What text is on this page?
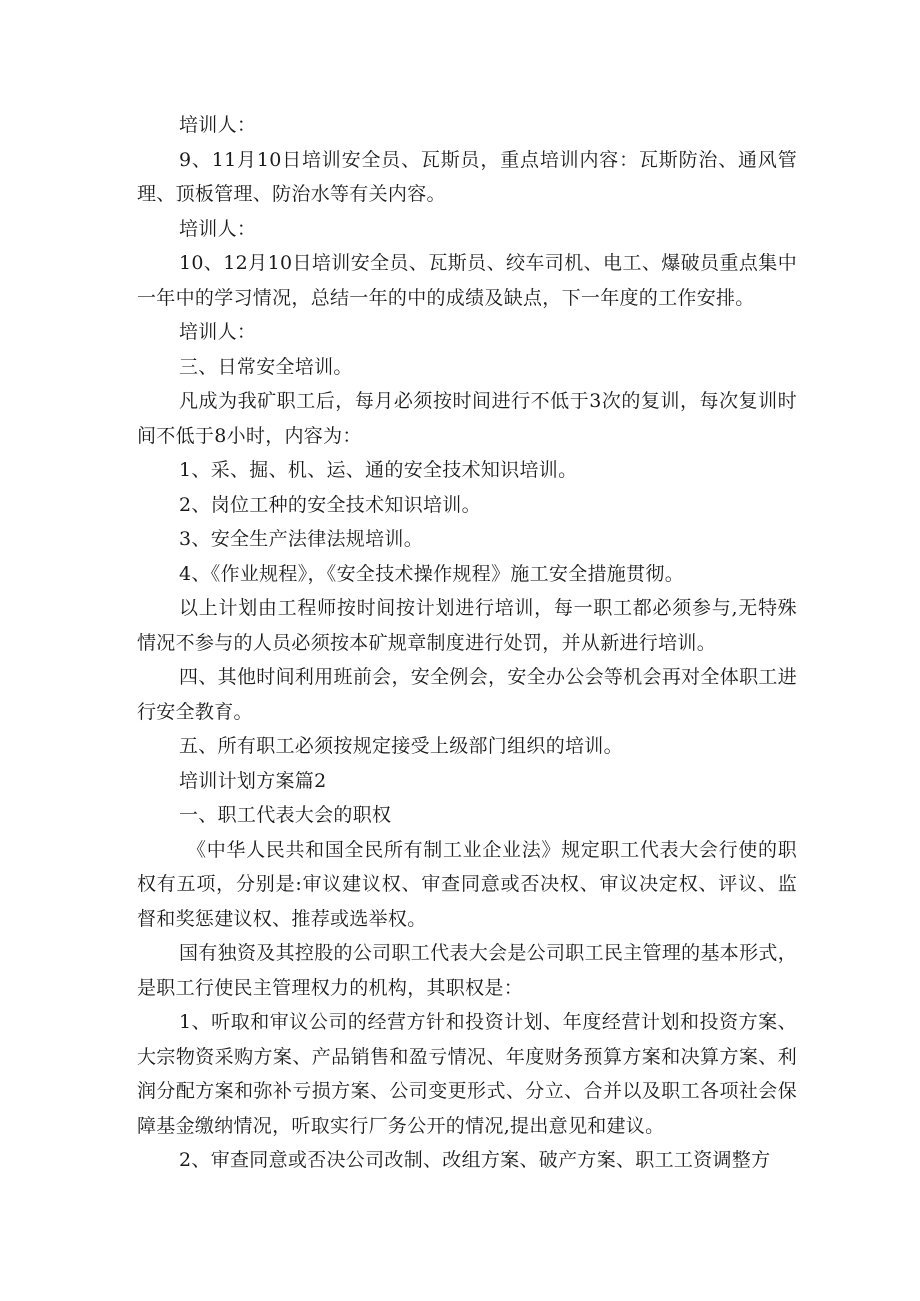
培训人：

9、11月10日培训安全员、瓦斯员，重点培训内容：瓦斯防治、通风管理、顶板管理、防治水等有关内容。

培训人：

10、12月10日培训安全员、瓦斯员、绞车司机、电工、爆破员重点集中一年中的学习情况，总结一年的中的成绩及缺点，下一年度的工作安排。

培训人：

三、日常安全培训。

凡成为我矿职工后，每月必须按时间进行不低于3次的复训，每次复训时间不低于8小时，内容为：

1、采、掘、机、运、通的安全技术知识培训。

2、岗位工种的安全技术知识培训。

3、安全生产法律法规培训。

4、《作业规程》，《安全技术操作规程》施工安全措施贯彻。

以上计划由工程师按时间按计划进行培训，每一职工都必须参与,无特殊情况不参与的人员必须按本矿规章制度进行处罚，并从新进行培训。

四、其他时间利用班前会，安全例会，安全办公会等机会再对全体职工进行安全教育。

五、所有职工必须按规定接受上级部门组织的培训。

培训计划方案篇2

一、职工代表大会的职权

《中华人民共和国全民所有制工业企业法》规定职工代表大会行使的职权有五项，分别是:审议建议权、审查同意或否决权、审议决定权、评议、监督和奖惩建议权、推荐或选举权。

国有独资及其控股的公司职工代表大会是公司职工民主管理的基本形式，是职工行使民主管理权力的机构，其职权是：

1、听取和审议公司的经营方针和投资计划、年度经营计划和投资方案、大宗物资采购方案、产品销售和盈亏情况、年度财务预算方案和决算方案、利润分配方案和弥补亏损方案、公司变更形式、分立、合并以及职工各项社会保障基金缴纳情况，听取实行厂务公开的情况,提出意见和建议。

2、审查同意或否决公司改制、改组方案、破产方案、职工工资调整方
